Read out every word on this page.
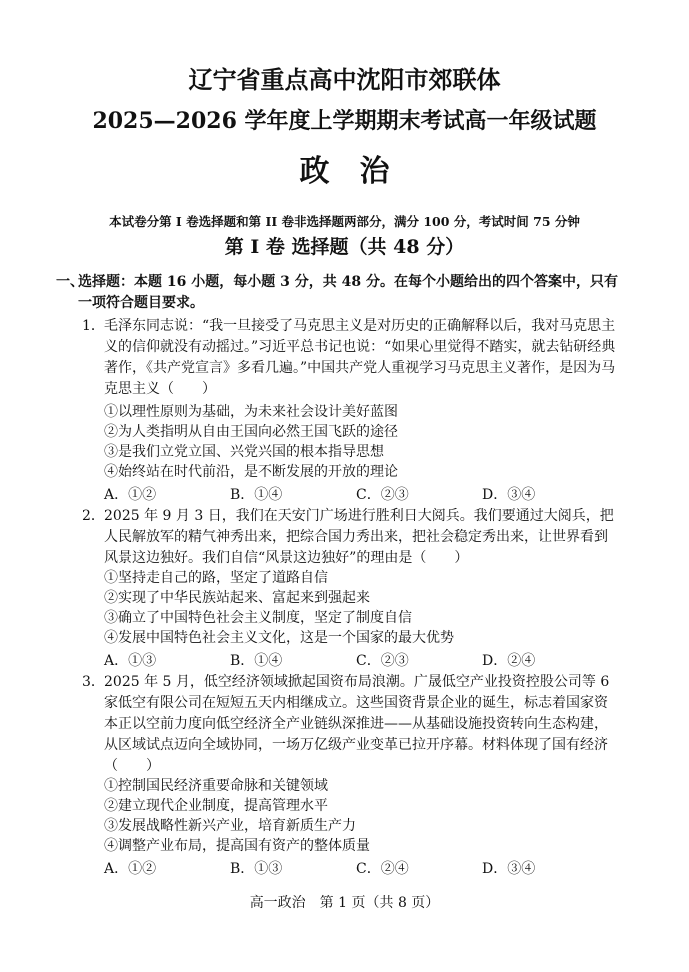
辽宁省重点高中沈阳市郊联体
2025—2026 学年度上学期期末考试高一年级试题
政治
本试卷分第 I 卷选择题和第 II 卷非选择题两部分，满分 100 分，考试时间 75 分钟
第 I 卷 选择题（共 48 分）
一、
选择题：本题 16 小题，每小题 3 分，共 48 分。在每个小题给出的四个答案中，只有一项符合题目要求。
1． 毛泽东同志说：“我一旦接受了马克思主义是对历史的正确解释以后，我对马克思主义的信仰就没有动摇过。”习近平总书记也说：“如果心里觉得不踏实，就去钻研经典著作，《共产党宣言》多看几遍。”中国共产党人重视学习马克思主义著作，是因为马克思主义（　　）
①以理性原则为基础，为未来社会设计美好蓝图
②为人类指明从自由王国向必然王国飞跃的途径
③是我们立党立国、兴党兴国的根本指导思想
④始终站在时代前沿，是不断发展的开放的理论
A．①②	B．①④	C．②③	D．③④
2． 2025 年 9 月 3 日，我们在天安门广场进行胜利日大阅兵。我们要通过大阅兵，把人民解放军的精气神秀出来，把综合国力秀出来，把社会稳定秀出来，让世界看到风景这边独好。我们自信“风景这边独好”的理由是（　　）
①坚持走自己的路，坚定了道路自信
②实现了中华民族站起来、富起来到强起来
③确立了中国特色社会主义制度，坚定了制度自信
④发展中国特色社会主义文化，这是一个国家的最大优势
A．①③	B．①④	C．②③	D．②④
3． 2025 年 5 月，低空经济领域掀起国资布局浪潮。广晟低空产业投资控股公司等 6 家低空有限公司在短短五天内相继成立。这些国资背景企业的诞生，标志着国家资本正以空前力度向低空经济全产业链纵深推进——从基础设施投资转向生态构建，从区域试点迈向全域协同，一场万亿级产业变革已拉开序幕。材料体现了国有经济（　　）
①控制国民经济重要命脉和关键领域
②建立现代企业制度，提高管理水平
③发展战略性新兴产业，培育新质生产力
④调整产业布局，提高国有资产的整体质量
A．①②	B．①③	C．②④	D．③④
高一政治　第 1 页（共 8 页）
